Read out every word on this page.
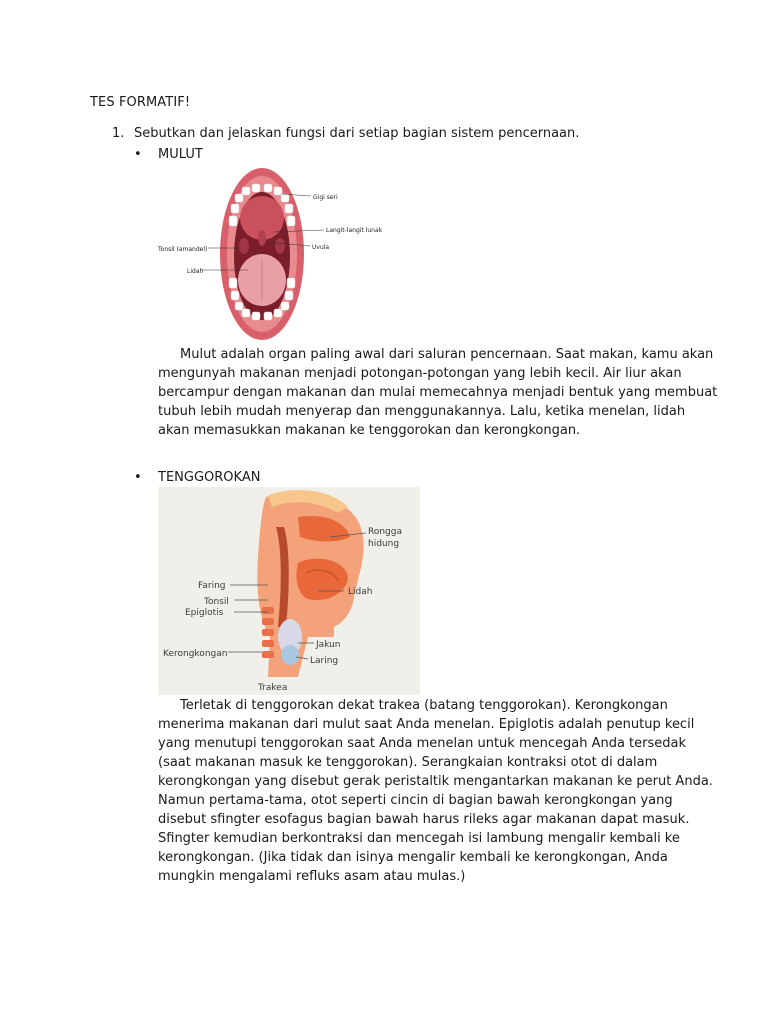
TES FORMATIF!
1. Sebutkan dan jelaskan fungsi dari setiap bagian sistem pencernaan.
• MULUT
Gigi seri
Langit-langit lunak
Uvula
Tonsil (amandel)
Lidah
Mulut adalah organ paling awal dari saluran pencernaan. Saat makan, kamu akan mengunyah makanan menjadi potongan-potongan yang lebih kecil. Air liur akan bercampur dengan makanan dan mulai memecahnya menjadi bentuk yang membuat tubuh lebih mudah menyerap dan menggunakannya. Lalu, ketika menelan, lidah akan memasukkan makanan ke tenggorokan dan kerongkongan.
• TENGGOROKAN
Rongga
hidung
Faring
Lidah
Tonsil
Epiglotis
Jakun
Kerongkongan
Laring
Trakea
Terletak di tenggorokan dekat trakea (batang tenggorokan). Kerongkongan menerima makanan dari mulut saat Anda menelan. Epiglotis adalah penutup kecil yang menutupi tenggorokan saat Anda menelan untuk mencegah Anda tersedak (saat makanan masuk ke tenggorokan). Serangkaian kontraksi otot di dalam kerongkongan yang disebut gerak peristaltik mengantarkan makanan ke perut Anda. Namun pertama-tama, otot seperti cincin di bagian bawah kerongkongan yang disebut sfingter esofagus bagian bawah harus rileks agar makanan dapat masuk. Sfingter kemudian berkontraksi dan mencegah isi lambung mengalir kembali ke kerongkongan. (Jika tidak dan isinya mengalir kembali ke kerongkongan, Anda mungkin mengalami refluks asam atau mulas.)
